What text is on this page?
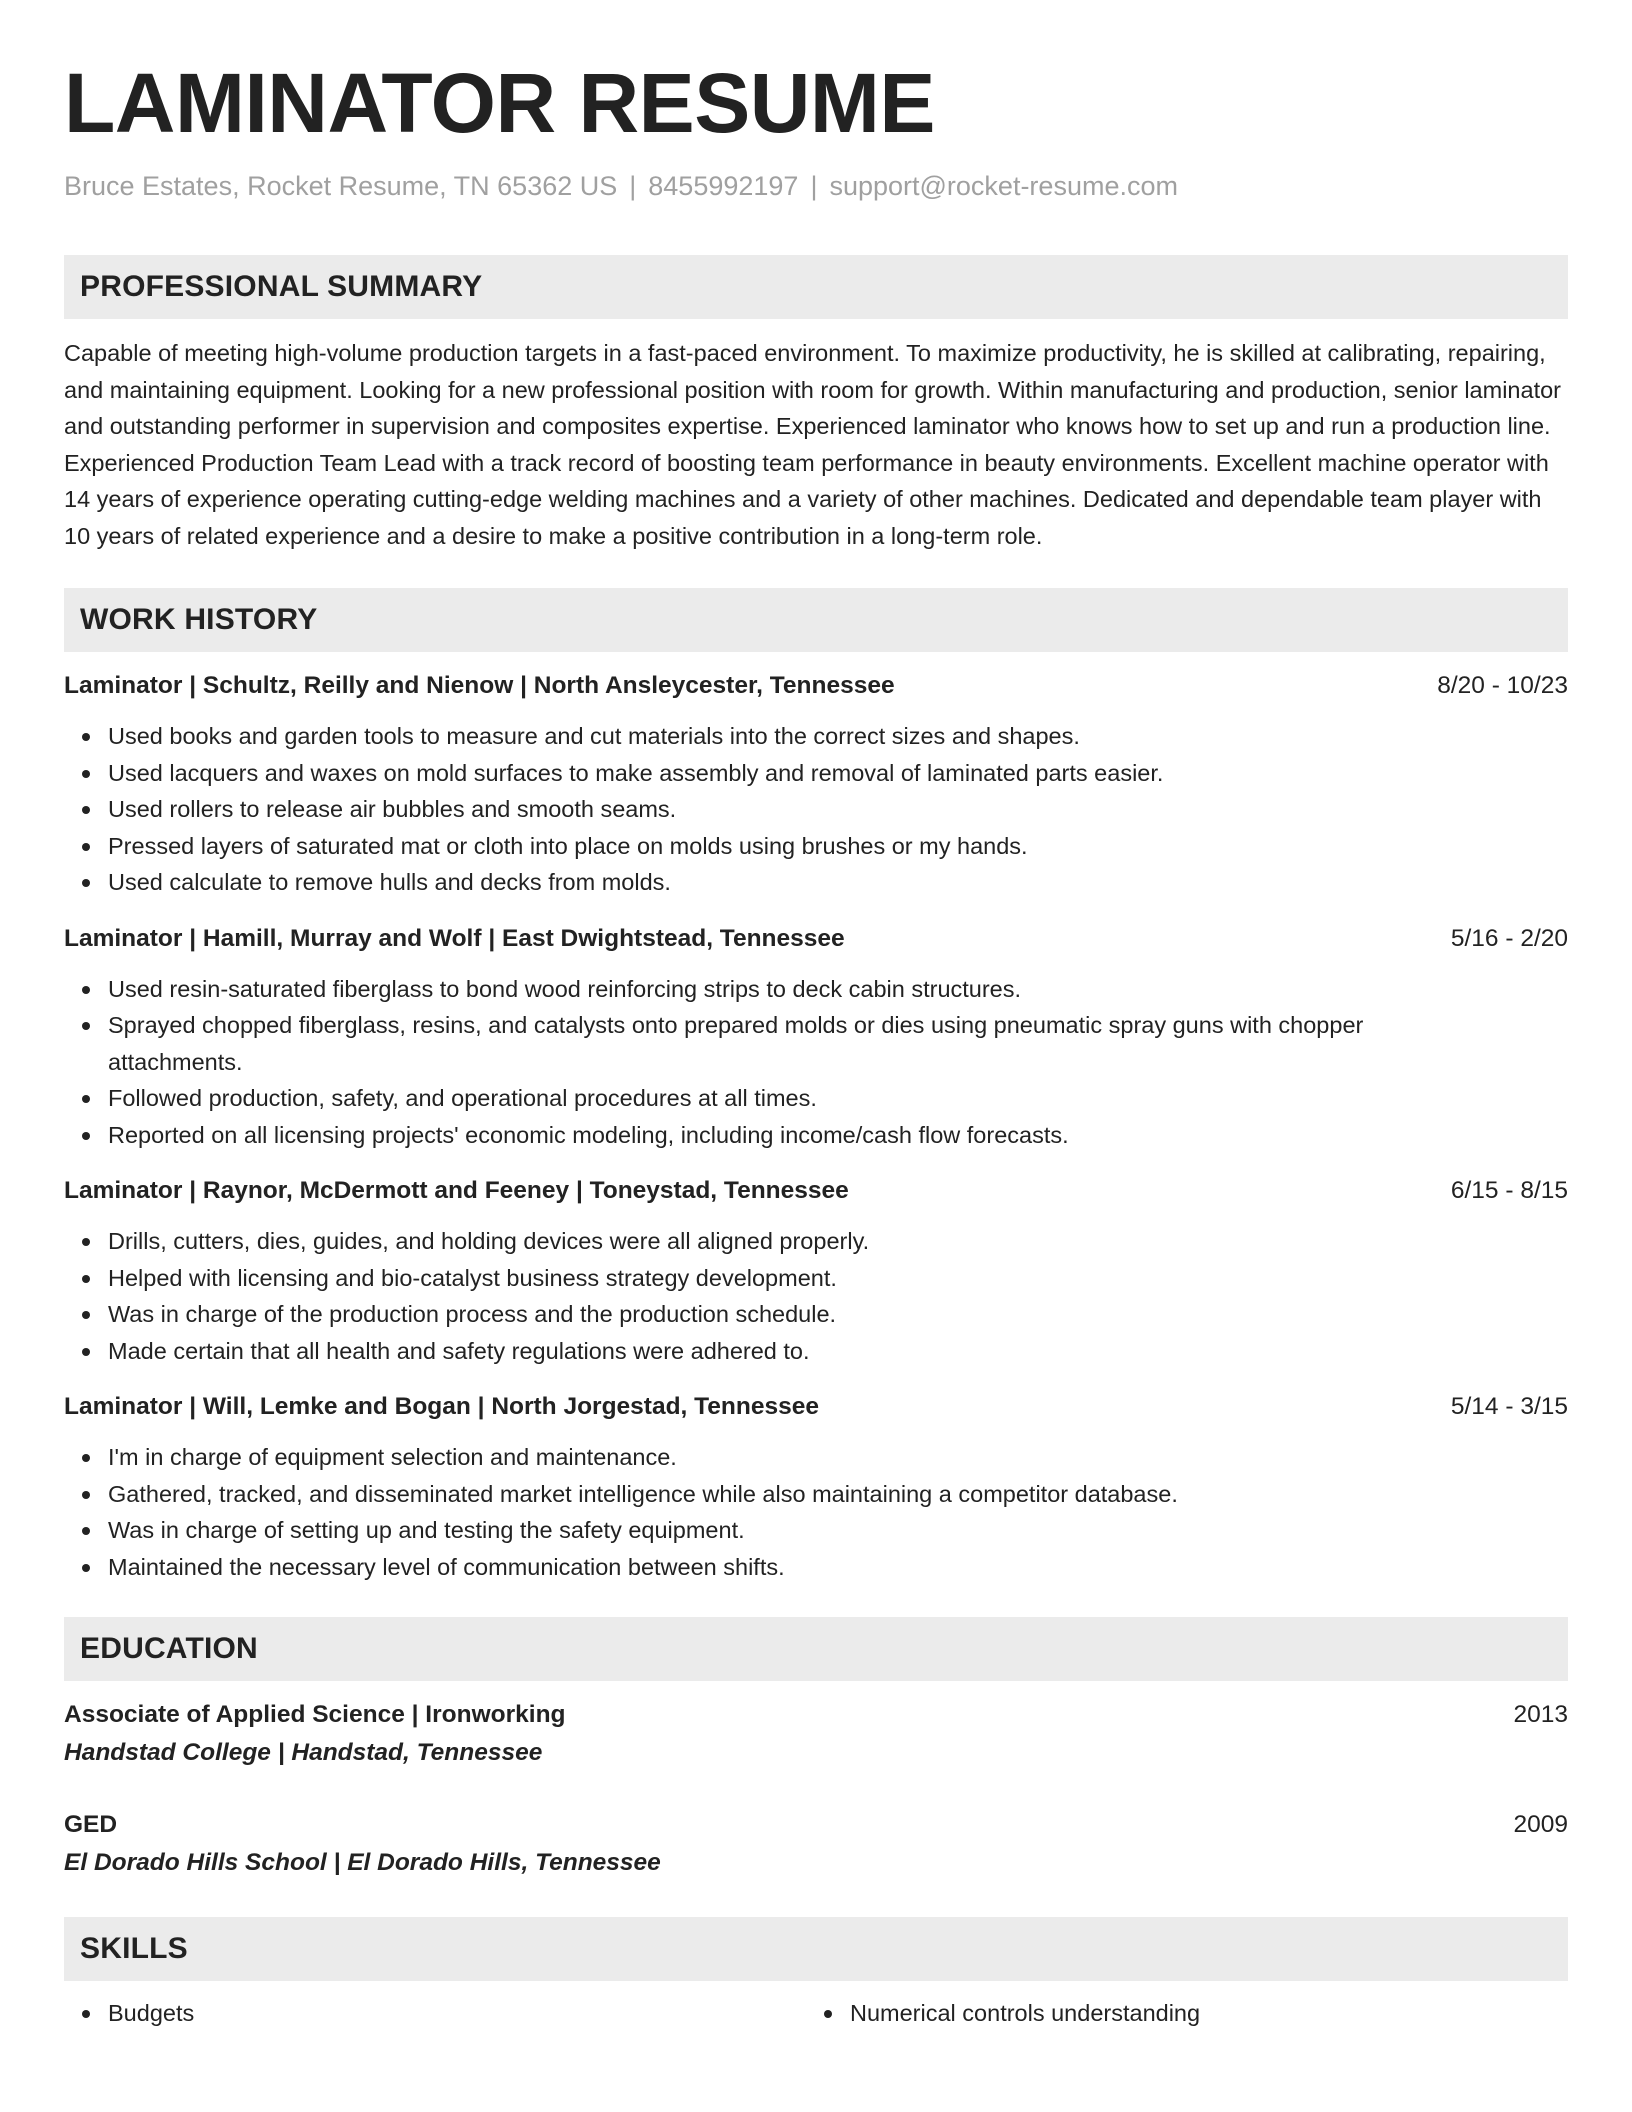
LAMINATOR RESUME
Bruce Estates, Rocket Resume, TN 65362 US | 8455992197 | support@rocket-resume.com
PROFESSIONAL SUMMARY
Capable of meeting high-volume production targets in a fast-paced environment. To maximize productivity, he is skilled at calibrating, repairing, and maintaining equipment. Looking for a new professional position with room for growth. Within manufacturing and production, senior laminator and outstanding performer in supervision and composites expertise. Experienced laminator who knows how to set up and run a production line. Experienced Production Team Lead with a track record of boosting team performance in beauty environments. Excellent machine operator with 14 years of experience operating cutting-edge welding machines and a variety of other machines. Dedicated and dependable team player with 10 years of related experience and a desire to make a positive contribution in a long-term role.
WORK HISTORY
Laminator | Schultz, Reilly and Nienow | North Ansleycester, Tennessee	8/20 - 10/23
Used books and garden tools to measure and cut materials into the correct sizes and shapes.
Used lacquers and waxes on mold surfaces to make assembly and removal of laminated parts easier.
Used rollers to release air bubbles and smooth seams.
Pressed layers of saturated mat or cloth into place on molds using brushes or my hands.
Used calculate to remove hulls and decks from molds.
Laminator | Hamill, Murray and Wolf | East Dwightstead, Tennessee	5/16 - 2/20
Used resin-saturated fiberglass to bond wood reinforcing strips to deck cabin structures.
Sprayed chopped fiberglass, resins, and catalysts onto prepared molds or dies using pneumatic spray guns with chopper attachments.
Followed production, safety, and operational procedures at all times.
Reported on all licensing projects' economic modeling, including income/cash flow forecasts.
Laminator | Raynor, McDermott and Feeney | Toneystad, Tennessee	6/15 - 8/15
Drills, cutters, dies, guides, and holding devices were all aligned properly.
Helped with licensing and bio-catalyst business strategy development.
Was in charge of the production process and the production schedule.
Made certain that all health and safety regulations were adhered to.
Laminator | Will, Lemke and Bogan | North Jorgestad, Tennessee	5/14 - 3/15
I'm in charge of equipment selection and maintenance.
Gathered, tracked, and disseminated market intelligence while also maintaining a competitor database.
Was in charge of setting up and testing the safety equipment.
Maintained the necessary level of communication between shifts.
EDUCATION
Associate of Applied Science | Ironworking	2013
Handstad College | Handstad, Tennessee
GED	2009
El Dorado Hills School | El Dorado Hills, Tennessee
SKILLS
Budgets	Numerical controls understanding
